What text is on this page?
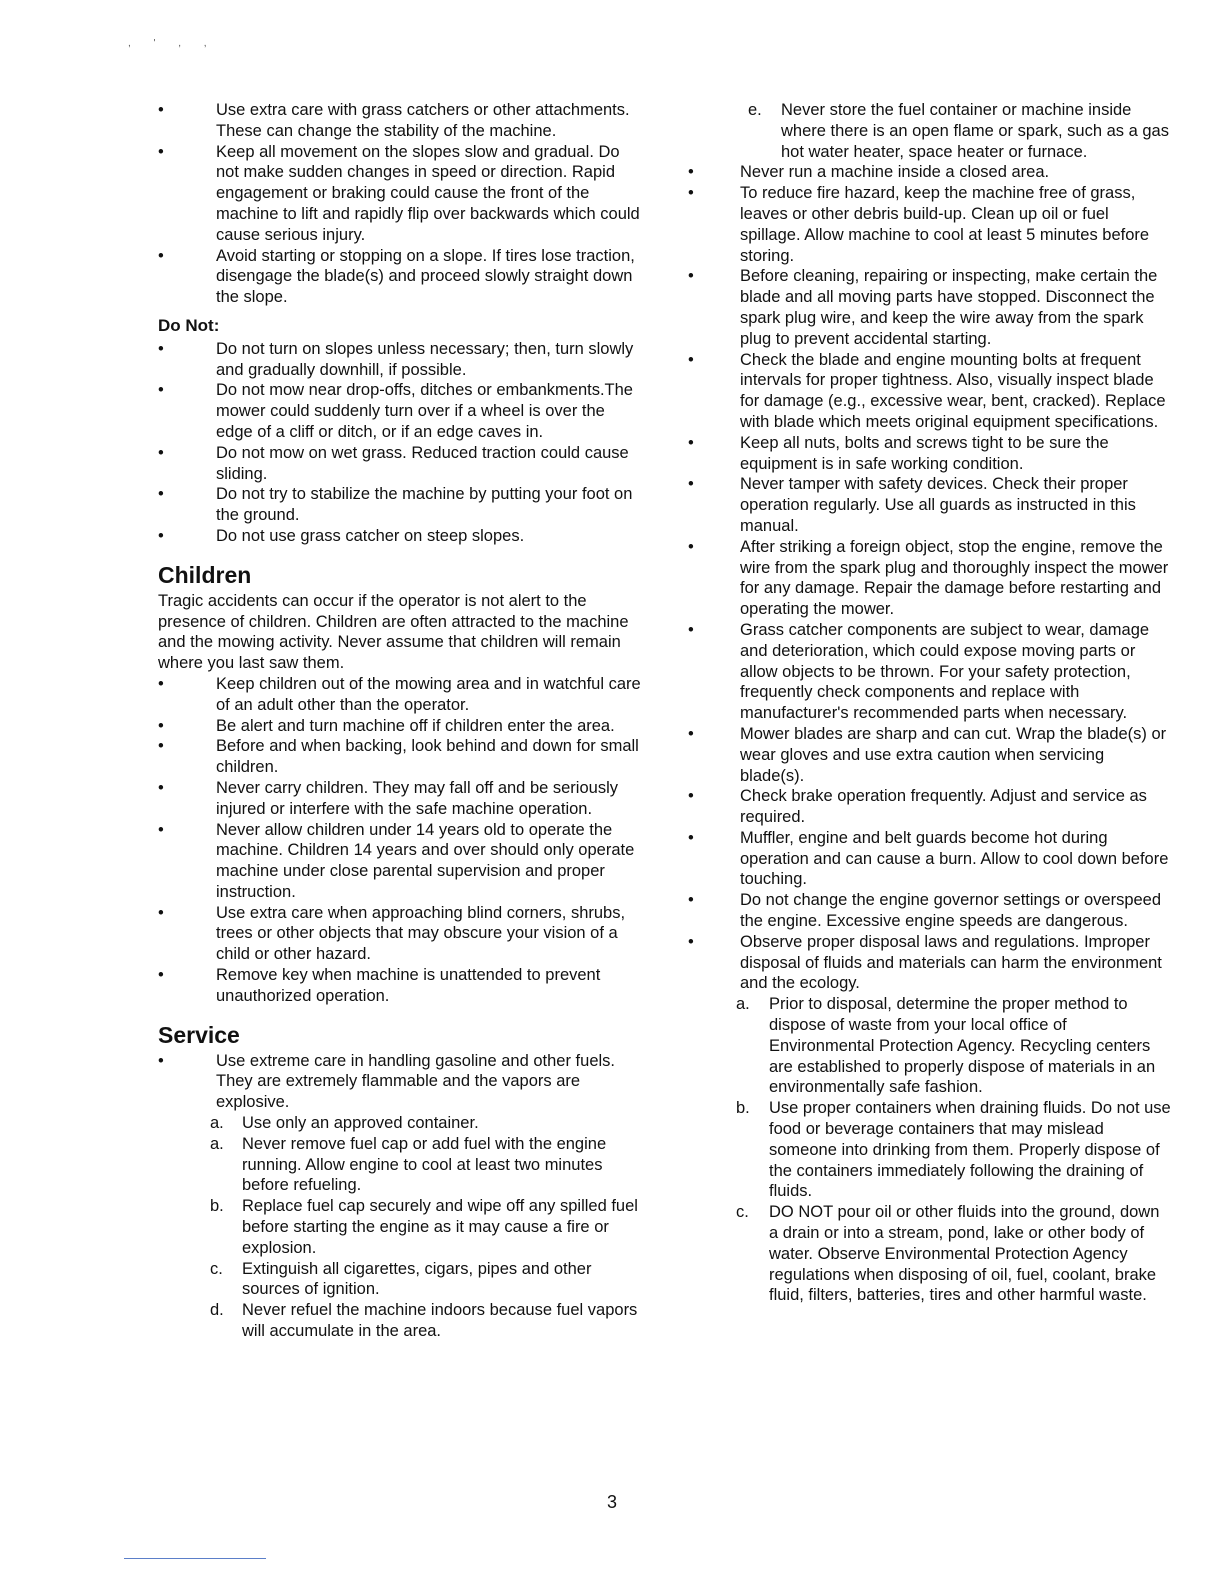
, ' , ,
•	Use extra care with grass catchers or other attachments. These can change the stability of the machine.
•	Keep all movement on the slopes slow and gradual. Do not make sudden changes in speed or direction. Rapid engagement or braking could cause the front of the machine to lift and rapidly flip over backwards which could cause serious injury.
•	Avoid starting or stopping on a slope. If tires lose traction, disengage the blade(s) and proceed slowly straight down the slope.
Do Not:
•	Do not turn on slopes unless necessary; then, turn slowly and gradually downhill, if possible.
•	Do not mow near drop-offs, ditches or embankments.The mower could suddenly turn over if a wheel is over the edge of a cliff or ditch, or if an edge caves in.
•	Do not mow on wet grass. Reduced traction could cause sliding.
•	Do not try to stabilize the machine by putting your foot on the ground.
•	Do not use grass catcher on steep slopes.
Children

Tragic accidents can occur if the operator is not alert to the presence of children. Children are often attracted to the machine and the mowing activity. Never assume that children will remain where you last saw them.

•	Keep children out of the mowing area and in watchful care of an adult other than the operator.
•	Be alert and turn machine off if children enter the area.
•	Before and when backing, look behind and down for small children.
•	Never carry children. They may fall off and be seriously injured or interfere with the safe machine operation.
•	Never allow children under 14 years old to operate the machine. Children 14 years and over should only operate machine under close parental supervision and proper instruction.
•	Use extra care when approaching blind corners, shrubs, trees or other objects that may obscure your vision of a child or other hazard.
•	Remove key when machine is unattended to prevent unauthorized operation.
Service
•	Use extreme care in handling gasoline and other fuels. They are extremely flammable and the vapors are explosive.
a. Use only an approved container.
a. Never remove fuel cap or add fuel with the engine running. Allow engine to cool at least two minutes before refueling.
b. Replace fuel cap securely and wipe off any spilled fuel before starting the engine as it may cause a fire or explosion.
c. Extinguish all cigarettes, cigars, pipes and other sources of ignition.
d. Never refuel the machine indoors because fuel vapors will accumulate in the area.
e. Never store the fuel container or machine inside where there is an open flame or spark, such as a gas hot water heater, space heater or furnace.
•	Never run a machine inside a closed area.
•	To reduce fire hazard, keep the machine free of grass, leaves or other debris build-up. Clean up oil or fuel spillage. Allow machine to cool at least 5 minutes before storing.
•	Before cleaning, repairing or inspecting, make certain the blade and all moving parts have stopped. Disconnect the spark plug wire, and keep the wire away from the spark plug to prevent accidental starting.
•	Check the blade and engine mounting bolts at frequent intervals for proper tightness. Also, visually inspect blade for damage (e.g., excessive wear, bent, cracked). Replace with blade which meets original equipment specifications.
•	Keep all nuts, bolts and screws tight to be sure the equipment is in safe working condition.
•	Never tamper with safety devices. Check their proper operation regularly. Use all guards as instructed in this manual.
•	After striking a foreign object, stop the engine, remove the wire from the spark plug and thoroughly inspect the mower for any damage. Repair the damage before restarting and operating the mower.
•	Grass catcher components are subject to wear, damage and deterioration, which could expose moving parts or allow objects to be thrown. For your safety protection, frequently check components and replace with manufacturer's recommended parts when necessary.
•	Mower blades are sharp and can cut. Wrap the blade(s) or wear gloves and use extra caution when servicing blade(s).
•	Check brake operation frequently. Adjust and service as required.
•	Muffler, engine and belt guards become hot during operation and can cause a burn. Allow to cool down before touching.
•	Do not change the engine governor settings or overspeed the engine. Excessive engine speeds are dangerous.
•	Observe proper disposal laws and regulations. Improper disposal of fluids and materials can harm the environment and the ecology.
a. Prior to disposal, determine the proper method to dispose of waste from your local office of Environmental Protection Agency. Recycling centers are established to properly dispose of materials in an environmentally safe fashion.
b. Use proper containers when draining fluids. Do not use food or beverage containers that may mislead someone into drinking from them. Properly dispose of the containers immediately following the draining of fluids.
c. DO NOT pour oil or other fluids into the ground, down a drain or into a stream, pond, lake or other body of water. Observe Environmental Protection Agency regulations when disposing of oil, fuel, coolant, brake fluid, filters, batteries, tires and other harmful waste.
3
